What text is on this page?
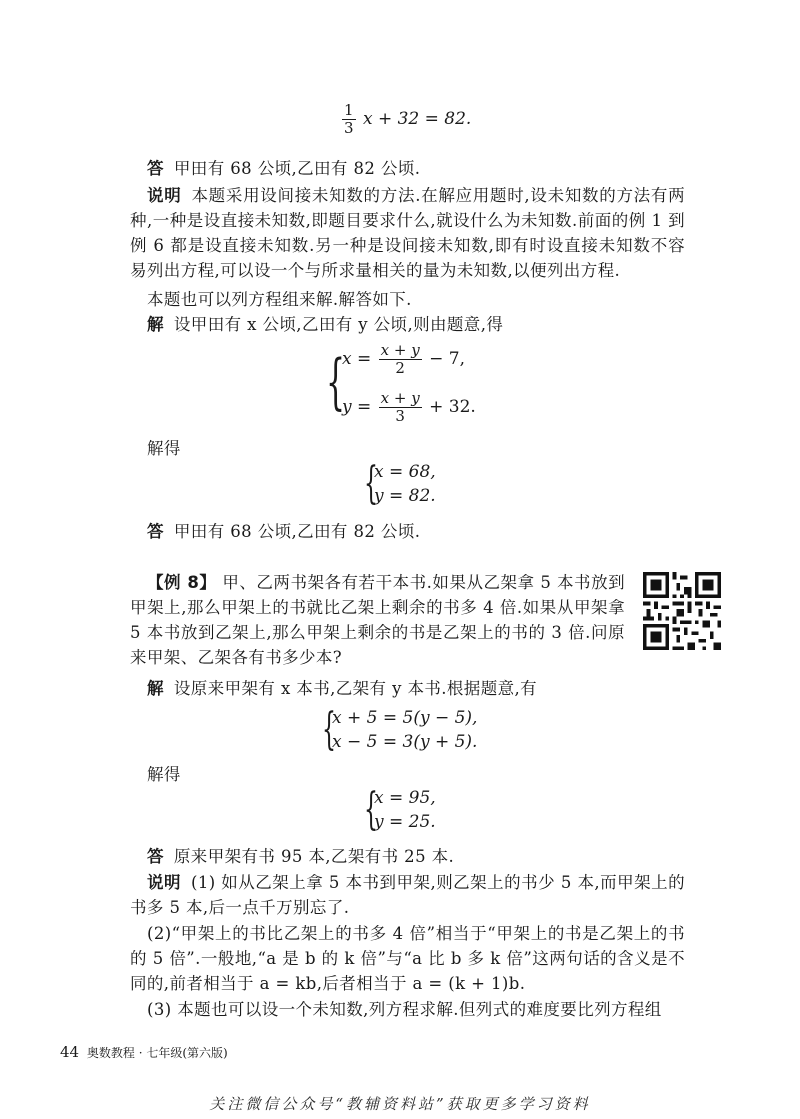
$\frac{1}{3}$ x + 32 = 82.
答 甲田有 68 公顷,乙田有 82 公顷.
说明 本题采用设间接未知数的方法.在解应用题时,设未知数的方法有两种,一种是设直接未知数,即题目要求什么,就设什么为未知数.前面的例 1 到例 6 都是设直接未知数.另一种是设间接未知数,即有时设直接未知数不容易列出方程,可以设一个与所求量相关的量为未知数,以便列出方程.
本题也可以列方程组来解.解答如下.
解 设甲田有 x 公顷,乙田有 y 公顷,则由题意,得
{
$x = \frac{x + y}{2} - 7$,
$y = \frac{x + y}{3} + 32$.
解得
{
x = 68,
y = 82.
答 甲田有 68 公顷,乙田有 82 公顷.
【例 8】 甲、乙两书架各有若干本书.如果从乙架拿 5 本书放到甲架上,那么甲架上的书就比乙架上剩余的书多 4 倍.如果从甲架拿 5 本书放到乙架上,那么甲架上剩余的书是乙架上的书的 3 倍.问原来甲架、乙架各有书多少本?
解 设原来甲架有 x 本书,乙架有 y 本书.根据题意,有
{
x + 5 = 5(y − 5),
x − 5 = 3(y + 5).
解得
{
x = 95,
y = 25.
答 原来甲架有书 95 本,乙架有书 25 本.
说明 (1) 如从乙架上拿 5 本书到甲架,则乙架上的书少 5 本,而甲架上的书多 5 本,后一点千万别忘了.
(2)“甲架上的书比乙架上的书多 4 倍”相当于“甲架上的书是乙架上的书的 5 倍”.一般地,“a 是 b 的 k 倍”与“a 比 b 多 k 倍”这两句话的含义是不同的,前者相当于 a = kb,后者相当于 a = (k + 1)b.
(3) 本题也可以设一个未知数,列方程求解.但列式的难度要比列方程组
44 奥数教程 · 七年级(第六版)
关注微信公众号“教辅资料站”获取更多学习资料
